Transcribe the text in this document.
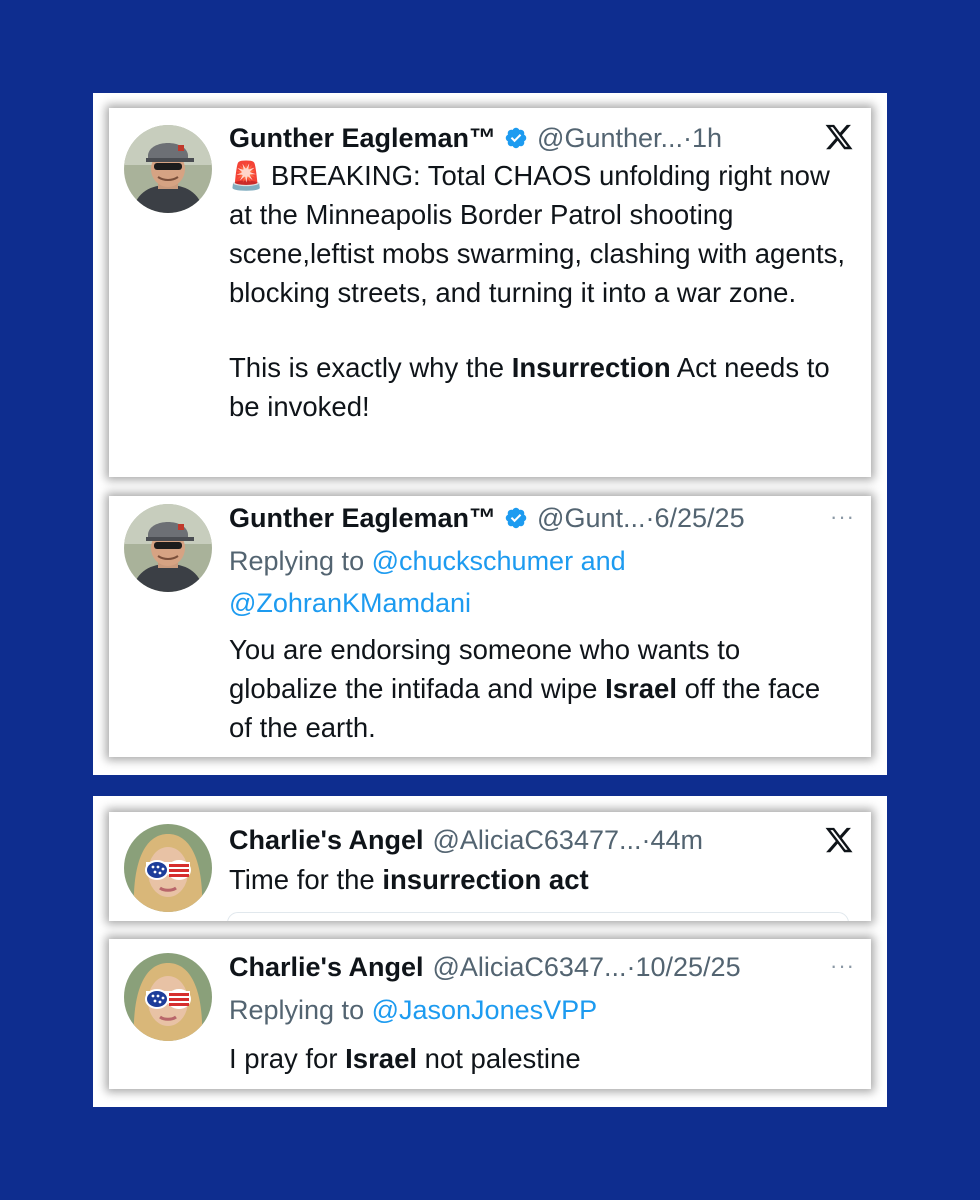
Gunther Eagleman™ @Gunther... · 1h
🚨 BREAKING: Total CHAOS unfolding right now at the Minneapolis Border Patrol shooting scene,leftist mobs swarming, clashing with agents, blocking streets, and turning it into a war zone.
This is exactly why the Insurrection Act needs to be invoked!
Gunther Eagleman™ @Gunt... · 6/25/25	···
Replying to @chuckschumer and
@ZohranKMamdani
You are endorsing someone who wants to globalize the intifada and wipe Israel off the face of the earth.
Charlie's Angel @AliciaC63477... · 44m
Time for the insurrection act
Charlie's Angel @AliciaC6347... · 10/25/25	···
Replying to @JasonJonesVPP
I pray for Israel not palestine
